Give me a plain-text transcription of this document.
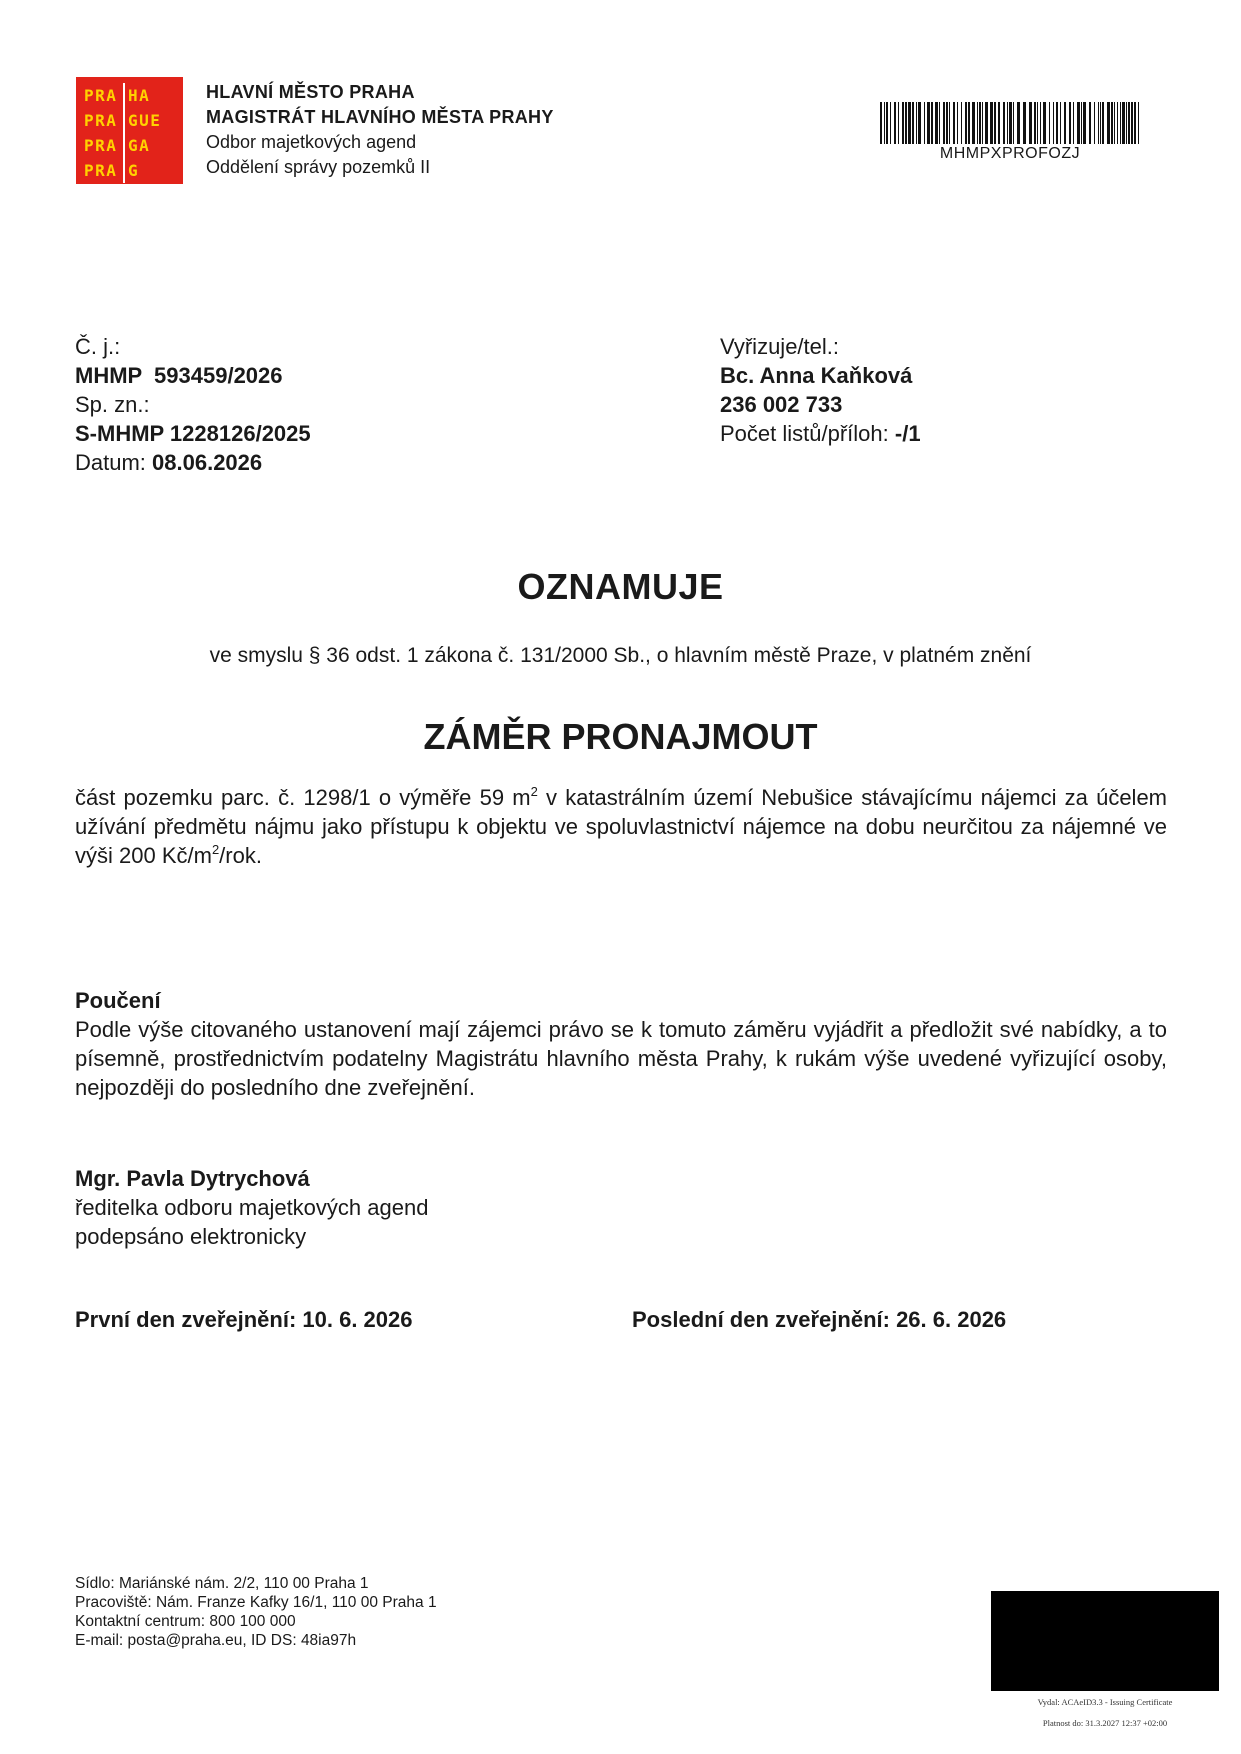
PRA HA
PRA GUE
PRA GA
PRA G
HLAVNÍ MĚSTO PRAHA
MAGISTRÁT HLAVNÍHO MĚSTA PRAHY
Odbor majetkových agend
Oddělení správy pozemků II
MHMPXPROFOZJ
Č. j.:
MHMP  593459/2026
Sp. zn.:
S-MHMP 1228126/2025
Datum: 08.06.2026
Vyřizuje/tel.:
Bc. Anna Kaňková
236 002 733
Počet listů/příloh: -/1
OZNAMUJE
ve smyslu § 36 odst. 1 zákona č. 131/2000 Sb., o hlavním městě Praze, v platném znění
ZÁMĚR PRONAJMOUT
část pozemku parc. č. 1298/1 o výměře 59 $m^2$ v katastrálním území Nebušice stávajícímu nájemci za účelem užívání předmětu nájmu jako přístupu k objektu ve spoluvlastnictví nájemce na dobu neurčitou za nájemné ve výši 200 $Kč/m^2$/rok.
Poučení
Podle výše citovaného ustanovení mají zájemci právo se k tomuto záměru vyjádřit a předložit své nabídky, a to písemně, prostřednictvím podatelny Magistrátu hlavního města Prahy, k rukám výše uvedené vyřizující osoby, nejpozději do posledního dne zveřejnění.
Mgr. Pavla Dytrychová
ředitelka odboru majetkových agend
podepsáno elektronicky
První den zveřejnění: 10. 6. 2026	Poslední den zveřejnění: 26. 6. 2026
Sídlo: Mariánské nám. 2/2, 110 00 Praha 1
Pracoviště: Nám. Franze Kafky 16/1, 110 00 Praha 1
Kontaktní centrum: 800 100 000
E-mail: posta@praha.eu, ID DS: 48ia97h
Vydal: ACAeID3.3 - Issuing Certificate
Platnost do: 31.3.2027 12:37 +02:00
